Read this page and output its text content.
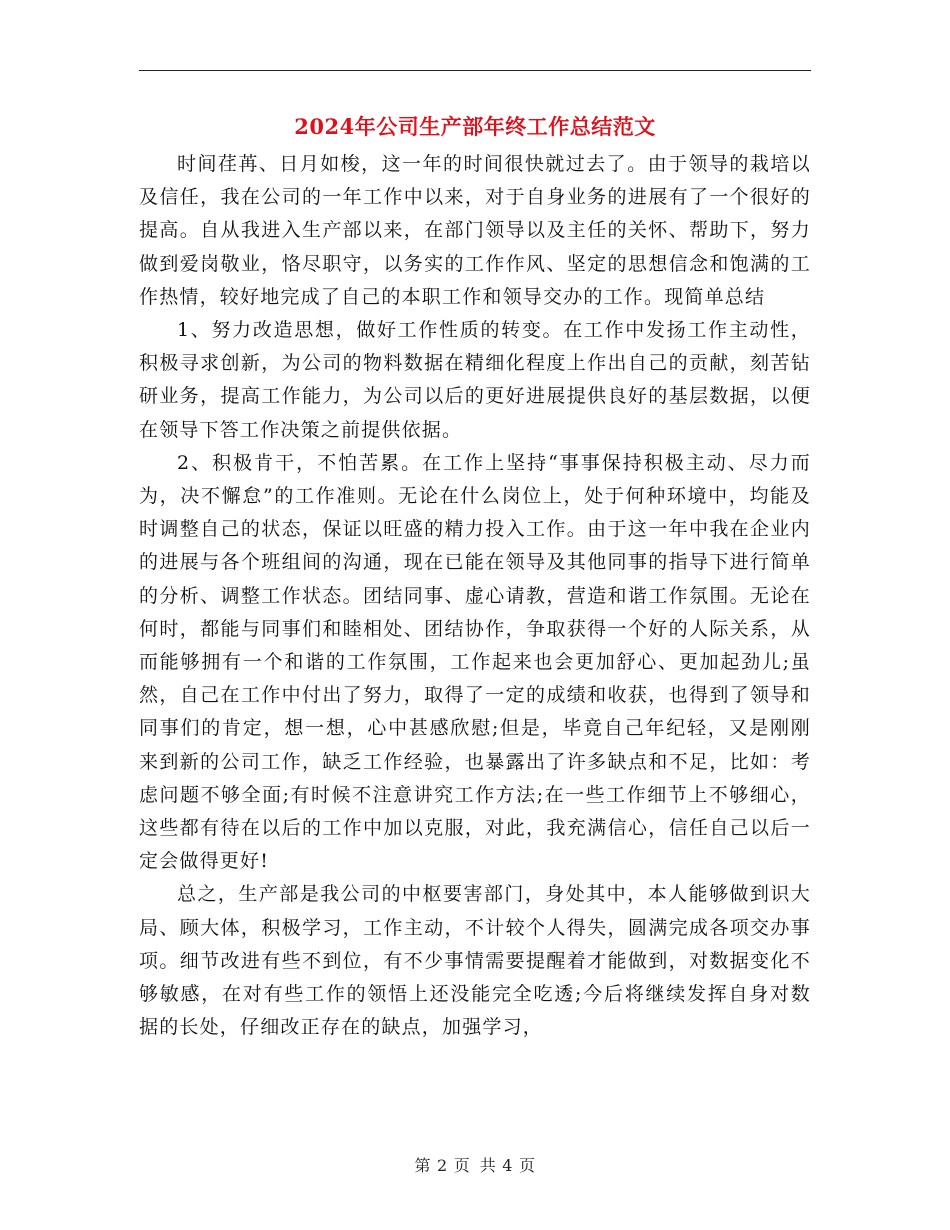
2024年公司生产部年终工作总结范文

时间荏苒、日月如梭，这一年的时间很快就过去了。由于领导的栽培以及信任，我在公司的一年工作中以来，对于自身业务的进展有了一个很好的提高。自从我进入生产部以来，在部门领导以及主任的关怀、帮助下，努力做到爱岗敬业，恪尽职守，以务实的工作作风、坚定的思想信念和饱满的工作热情，较好地完成了自己的本职工作和领导交办的工作。现简单总结

1、努力改造思想，做好工作性质的转变。在工作中发扬工作主动性，积极寻求创新，为公司的物料数据在精细化程度上作出自己的贡献，刻苦钻研业务，提高工作能力，为公司以后的更好进展提供良好的基层数据，以便在领导下答工作决策之前提供依据。

2、积极肯干，不怕苦累。在工作上坚持“事事保持积极主动、尽力而为，决不懈怠”的工作准则。无论在什么岗位上，处于何种环境中，均能及时调整自己的状态，保证以旺盛的精力投入工作。由于这一年中我在企业内的进展与各个班组间的沟通，现在已能在领导及其他同事的指导下进行简单的分析、调整工作状态。团结同事、虚心请教，营造和谐工作氛围。无论在何时，都能与同事们和睦相处、团结协作，争取获得一个好的人际关系，从而能够拥有一个和谐的工作氛围，工作起来也会更加舒心、更加起劲儿;虽然，自己在工作中付出了努力，取得了一定的成绩和收获，也得到了领导和同事们的肯定，想一想，心中甚感欣慰;但是，毕竟自己年纪轻，又是刚刚来到新的公司工作，缺乏工作经验，也暴露出了许多缺点和不足，比如：考虑问题不够全面;有时候不注意讲究工作方法;在一些工作细节上不够细心，这些都有待在以后的工作中加以克服，对此，我充满信心，信任自己以后一定会做得更好!

总之，生产部是我公司的中枢要害部门，身处其中，本人能够做到识大局、顾大体，积极学习，工作主动，不计较个人得失，圆满完成各项交办事项。细节改进有些不到位，有不少事情需要提醒着才能做到，对数据变化不够敏感，在对有些工作的领悟上还没能完全吃透;今后将继续发挥自身对数据的长处，仔细改正存在的缺点，加强学习，

第 2 页 共 4 页
